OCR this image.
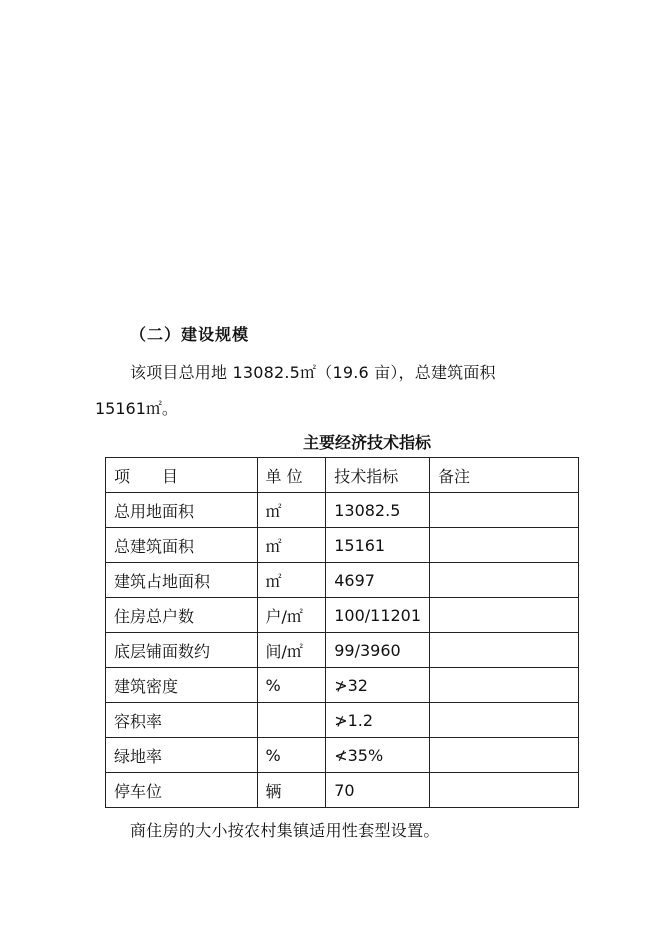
（二）建设规模
该项目总用地 13082.5㎡（19.6 亩），总建筑面积
15161㎡。
主要经济技术指标
项　　目	单 位	技术指标	备注
总用地面积	㎡	13082.5	
总建筑面积	㎡	15161	
建筑占地面积	㎡	4697	
住房总户数	户/㎡	100/11201	
底层铺面数约	间/㎡	99/3960	
建筑密度	%	≯32	
容积率		≯1.2	
绿地率	%	≮35%	
停车位	辆	70	
商住房的大小按农村集镇适用性套型设置。
